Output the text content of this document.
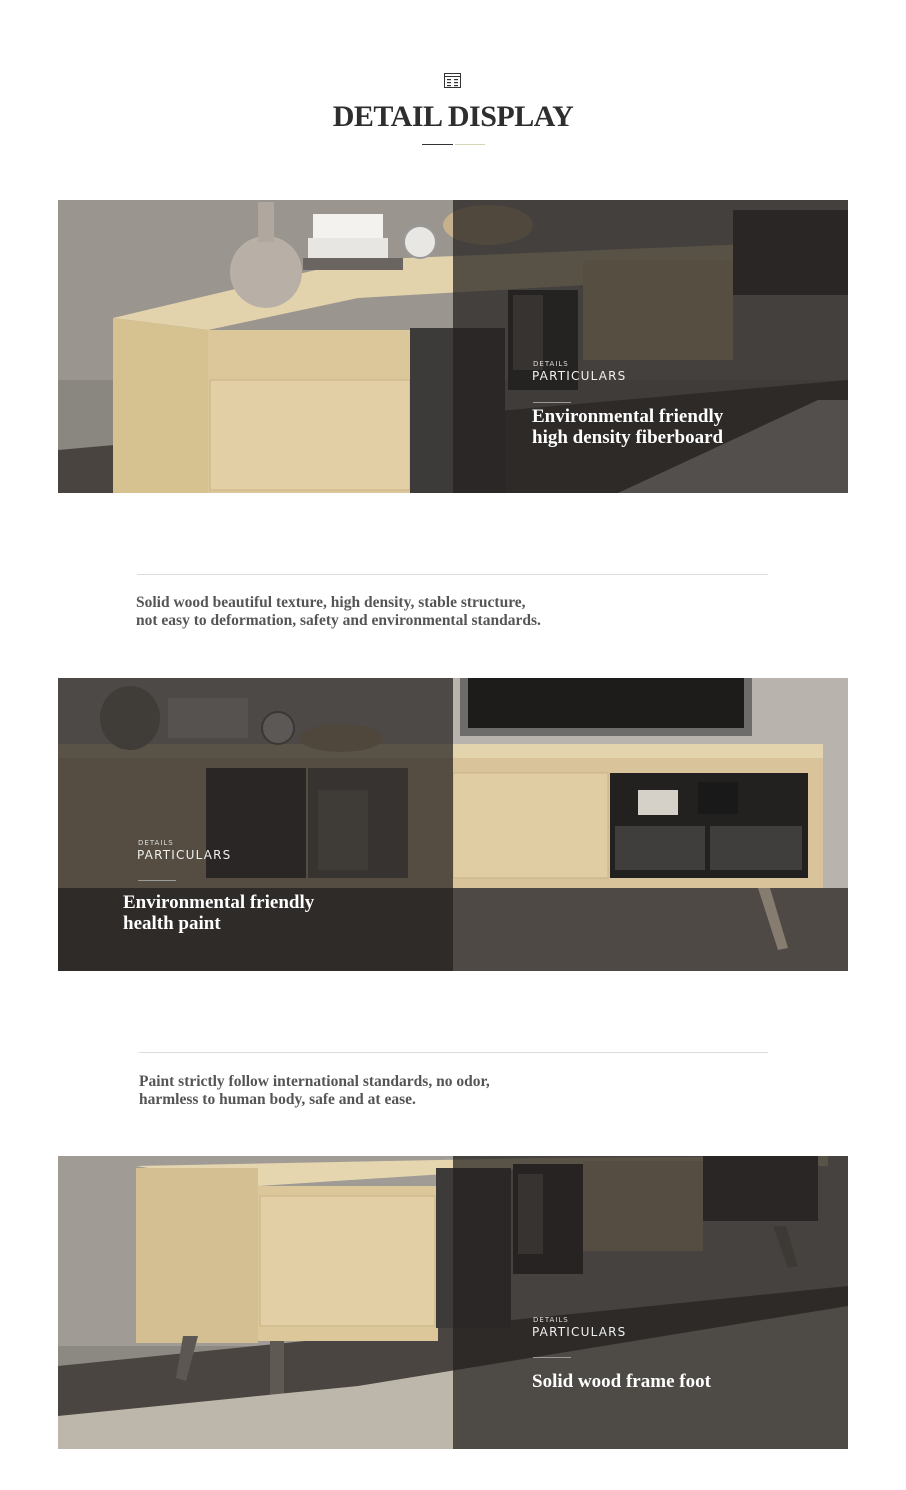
DETAIL DISPLAY
DETAILS
PARTICULARS
Environmental friendly
high density fiberboard
Solid wood beautiful texture, high density, stable structure,
not easy to deformation, safety and environmental standards.
DETAILS
PARTICULARS
Environmental friendly
health paint
Paint strictly follow international standards, no odor,
harmless to human body, safe and at ease.
DETAILS
PARTICULARS
Solid wood frame foot
